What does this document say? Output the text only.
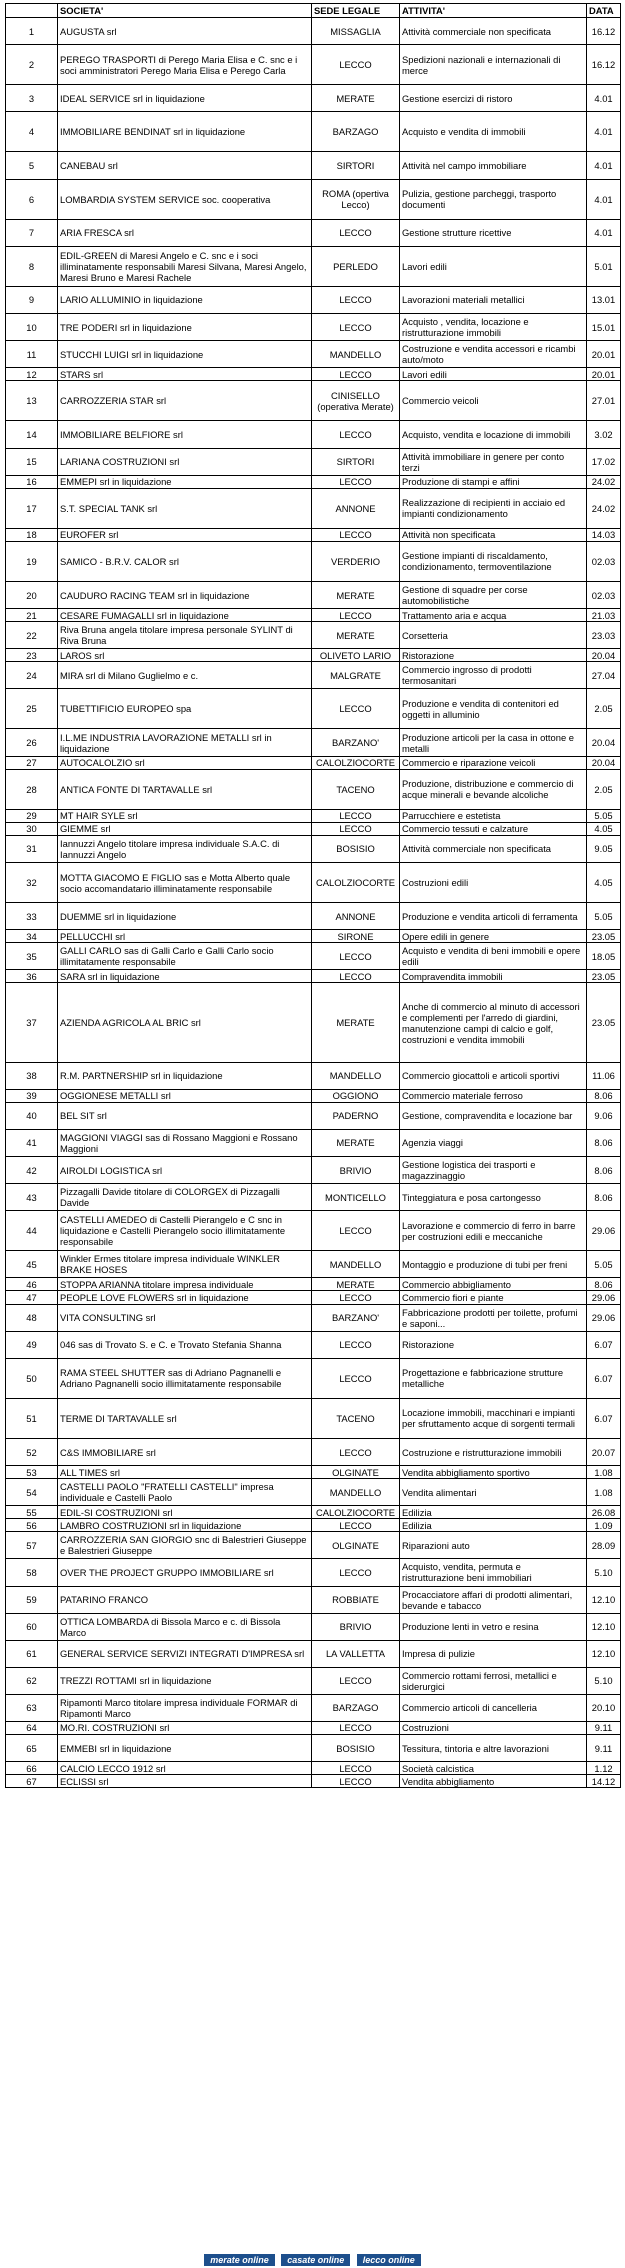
	SOCIETA'	SEDE LEGALE	ATTIVITA'	DATA
1	AUGUSTA srl	MISSAGLIA	Attività commerciale non specificata	16.12
2	PEREGO TRASPORTI di Perego Maria Elisa e C. snc e i soci amministratori Perego Maria Elisa e Perego Carla	LECCO	Spedizioni nazionali e internazionali di merce	16.12
3	IDEAL SERVICE srl in liquidazione	MERATE	Gestione esercizi di ristoro	4.01
4	IMMOBILIARE BENDINAT srl in liquidazione	BARZAGO	Acquisto e vendita di immobili	4.01
5	CANEBAU srl	SIRTORI	Attività nel campo immobiliare	4.01
6	LOMBARDIA SYSTEM SERVICE soc. cooperativa	ROMA (opertiva Lecco)	Pulizia, gestione parcheggi, trasporto documenti	4.01
7	ARIA FRESCA srl	LECCO	Gestione strutture ricettive	4.01
8	EDIL-GREEN di Maresi Angelo e C. snc e i soci illiminatamente responsabili Maresi Silvana, Maresi Angelo, Maresi Bruno e Maresi Rachele	PERLEDO	Lavori edili	5.01
9	LARIO ALLUMINIO in liquidazione	LECCO	Lavorazioni materiali metallici	13.01
10	TRE PODERI srl in liquidazione	LECCO	Acquisto , vendita, locazione e ristrutturazione immobili	15.01
11	STUCCHI LUIGI srl in liquidazione	MANDELLO	Costruzione e vendita accessori e ricambi auto/moto	20.01
12	STARS srl	LECCO	Lavori edili	20.01
13	CARROZZERIA STAR srl	CINISELLO (operativa Merate)	Commercio veicoli	27.01
14	IMMOBILIARE BELFIORE srl	LECCO	Acquisto, vendita e locazione di immobili	3.02
15	LARIANA COSTRUZIONI srl	SIRTORI	Attività immobiliare in genere per conto terzi	17.02
16	EMMEPI srl in liquidazione	LECCO	Produzione di stampi e affini	24.02
17	S.T. SPECIAL TANK srl	ANNONE	Realizzazione di recipienti in acciaio ed impianti condizionamento	24.02
18	EUROFER srl	LECCO	Attività non specificata	14.03
19	SAMICO - B.R.V. CALOR srl	VERDERIO	Gestione impianti di riscaldamento, condizionamento, termoventilazione	02.03
20	CAUDURO RACING TEAM srl in liquidazione	MERATE	Gestione di squadre per corse automobilistiche	02.03
21	CESARE FUMAGALLI srl in liquidazione	LECCO	Trattamento aria e acqua	21.03
22	Riva Bruna angela titolare impresa personale SYLINT di Riva Bruna	MERATE	Corsetteria	23.03
23	LAROS srl	OLIVETO LARIO	Ristorazione	20.04
24	MIRA srl di Milano Guglielmo e c.	MALGRATE	Commercio ingrosso di prodotti termosanitari	27.04
25	TUBETTIFICIO EUROPEO spa	LECCO	Produzione e vendita di contenitori ed oggetti in alluminio	2.05
26	I.L.ME INDUSTRIA LAVORAZIONE METALLI srl in liquidazione	BARZANO'	Produzione articoli per la casa in ottone e metalli	20.04
27	AUTOCALOLZIO srl	CALOLZIOCORTE	Commercio e riparazione veicoli	20.04
28	ANTICA FONTE DI TARTAVALLE srl	TACENO	Produzione, distribuzione e commercio di acque minerali e bevande alcoliche	2.05
29	MT HAIR SYLE srl	LECCO	Parrucchiere e estetista	5.05
30	GIEMME srl	LECCO	Commercio tessuti e calzature	4.05
31	Iannuzzi Angelo titolare impresa individuale S.A.C. di Iannuzzi Angelo	BOSISIO	Attività commerciale non specificata	9.05
32	MOTTA GIACOMO E FIGLIO sas e Motta Alberto quale socio accomandatario illiminatamente responsabile	CALOLZIOCORTE	Costruzioni edili	4.05
33	DUEMME srl in liquidazione	ANNONE	Produzione e vendita articoli di ferramenta	5.05
34	PELLUCCHI srl	SIRONE	Opere edili in genere	23.05
35	GALLI CARLO sas di Galli Carlo e Galli Carlo socio illimitatamente responsabile	LECCO	Acquisto e vendita di beni immobili e opere edili	18.05
36	SARA srl in liquidazione	LECCO	Compravendita immobili	23.05
37	AZIENDA AGRICOLA AL BRIC srl	MERATE	Anche di commercio al minuto di accessori e complementi per l'arredo di giardini, manutenzione campi di calcio e golf, costruzioni e vendita immobili	23.05
38	R.M. PARTNERSHIP srl in liquidazione	MANDELLO	Commercio giocattoli e articoli sportivi	11.06
39	OGGIONESE METALLI srl	OGGIONO	Commercio materiale ferroso	8.06
40	BEL SIT srl	PADERNO	Gestione, compravendita e locazione bar	9.06
41	MAGGIONI VIAGGI sas di Rossano Maggioni e Rossano Maggioni	MERATE	Agenzia viaggi	8.06
42	AIROLDI LOGISTICA srl	BRIVIO	Gestione logistica dei trasporti e magazzinaggio	8.06
43	Pizzagalli Davide titolare di COLORGEX di Pizzagalli Davide	MONTICELLO	Tinteggiatura e posa cartongesso	8.06
44	CASTELLI AMEDEO di Castelli Pierangelo e C snc in liquidazione e Castelli Pierangelo socio illimitatamente responsabile	LECCO	Lavorazione e commercio di ferro in barre per costruzioni edili e meccaniche	29.06
45	Winkler Ermes titolare impresa individuale WINKLER BRAKE HOSES	MANDELLO	Montaggio e produzione di tubi per freni	5.05
46	STOPPA ARIANNA titolare impresa individuale	MERATE	Commercio abbigliamento	8.06
47	PEOPLE LOVE FLOWERS srl in liquidazione	LECCO	Commercio fiori e piante	29.06
48	VITA CONSULTING srl	BARZANO'	Fabbricazione prodotti per toilette, profumi e saponi...	29.06
49	046 sas di Trovato S. e C. e Trovato Stefania Shanna	LECCO	Ristorazione	6.07
50	RAMA STEEL SHUTTER sas di Adriano Pagnanelli e Adriano Pagnanelli socio illimitatamente responsabile	LECCO	Progettazione e fabbricazione strutture metalliche	6.07
51	TERME DI TARTAVALLE srl	TACENO	Locazione immobili, macchinari e impianti per sfruttamento acque di sorgenti termali	6.07
52	C&S IMMOBILIARE srl	LECCO	Costruzione e ristrutturazione immobili	20.07
53	ALL TIMES srl	OLGINATE	Vendita abbigliamento sportivo	1.08
54	CASTELLI PAOLO "FRATELLI CASTELLI" impresa individuale e Castelli Paolo	MANDELLO	Vendita alimentari	1.08
55	EDIL-SI COSTRUZIONI srl	CALOLZIOCORTE	Edilizia	26.08
56	LAMBRO COSTRUZIONI srl in liquidazione	LECCO	Edilizia	1.09
57	CARROZZERIA SAN GIORGIO snc di Balestrieri Giuseppe e Balestrieri Giuseppe	OLGINATE	Riparazioni auto	28.09
58	OVER THE PROJECT GRUPPO IMMOBILIARE srl	LECCO	Acquisto, vendita, permuta e ristrutturazione beni immobiliari	5.10
59	PATARINO FRANCO	ROBBIATE	Procacciatore affari di prodotti alimentari, bevande e tabacco	12.10
60	OTTICA LOMBARDA di Bissola Marco e c. di Bissola Marco	BRIVIO	Produzione lenti in vetro e resina	12.10
61	GENERAL SERVICE SERVIZI INTEGRATI D'IMPRESA srl	LA VALLETTA	Impresa di pulizie	12.10
62	TREZZI ROTTAMI srl in liquidazione	LECCO	Commercio rottami ferrosi, metallici e siderurgici	5.10
63	Ripamonti Marco titolare impresa individuale FORMAR di Ripamonti Marco	BARZAGO	Commercio articoli di cancelleria	20.10
64	MO.RI. COSTRUZIONI srl	LECCO	Costruzioni	9.11
65	EMMEBI srl in liquidazione	BOSISIO	Tessitura, tintoria e altre lavorazioni	9.11
66	CALCIO LECCO 1912 srl	LECCO	Società calcistica	1.12
67	ECLISSI srl	LECCO	Vendita abbigliamento	14.12
merate online casate online lecco online
